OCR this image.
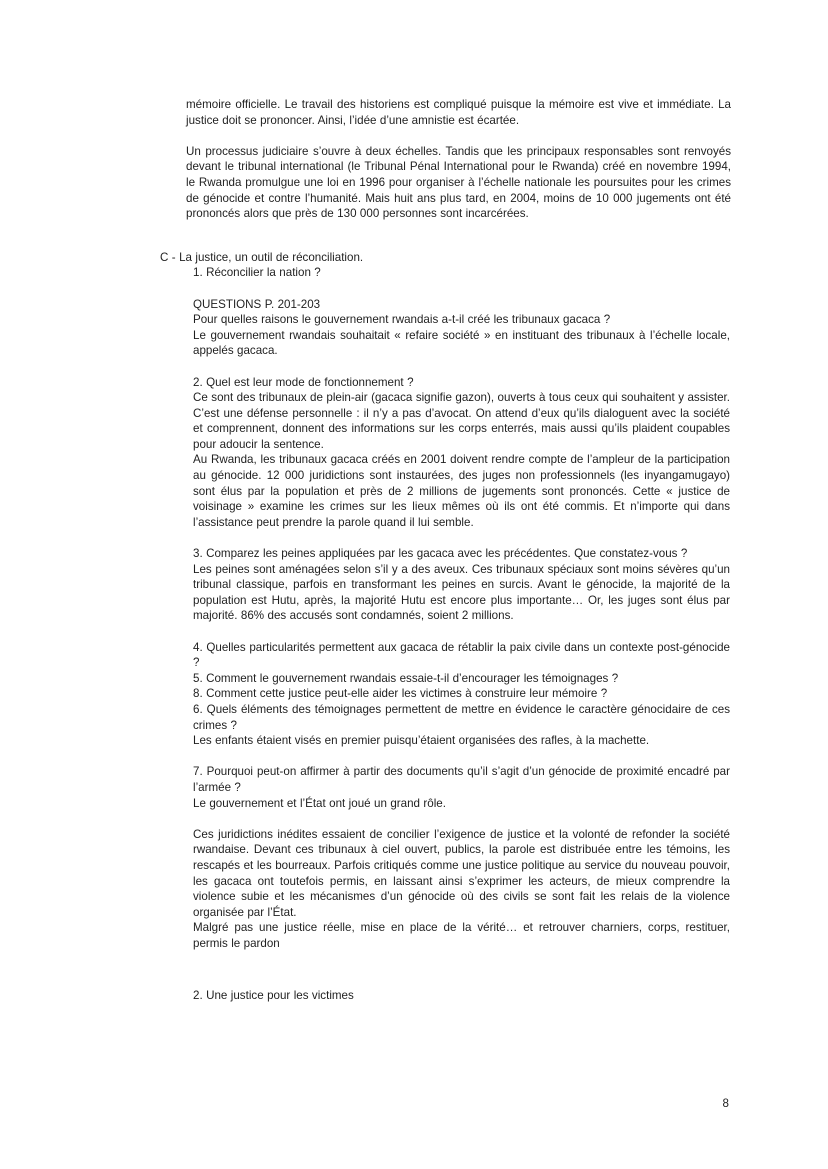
mémoire officielle. Le travail des historiens est compliqué puisque la mémoire est vive et immédiate. La justice doit se prononcer. Ainsi, l’idée d’une amnistie est écartée.

Un processus judiciaire s’ouvre à deux échelles. Tandis que les principaux responsables sont renvoyés devant le tribunal international (le Tribunal Pénal International pour le Rwanda) créé en novembre 1994, le Rwanda promulgue une loi en 1996 pour organiser à l’échelle nationale les poursuites pour les crimes de génocide et contre l’humanité. Mais huit ans plus tard, en 2004, moins de 10 000 jugements ont été prononcés alors que près de 130 000 personnes sont incarcérées.

C - La justice, un outil de réconciliation.

1. Réconcilier la nation ?

QUESTIONS P. 201-203

Pour quelles raisons le gouvernement rwandais a-t-il créé les tribunaux gacaca ?

Le gouvernement rwandais souhaitait « refaire société » en instituant des tribunaux à l’échelle locale, appelés gacaca.

2. Quel est leur mode de fonctionnement ?

Ce sont des tribunaux de plein-air (gacaca signifie gazon), ouverts à tous ceux qui souhaitent y assister. C’est une défense personnelle : il n’y a pas d’avocat. On attend d’eux qu’ils dialoguent avec la société et comprennent, donnent des informations sur les corps enterrés, mais aussi qu’ils plaident coupables pour adoucir la sentence.

Au Rwanda, les tribunaux gacaca créés en 2001 doivent rendre compte de l’ampleur de la participation au génocide. 12 000 juridictions sont instaurées, des juges non professionnels (les inyangamugayo) sont élus par la population et près de 2 millions de jugements sont prononcés. Cette « justice de voisinage » examine les crimes sur les lieux mêmes où ils ont été commis. Et n’importe qui dans l’assistance peut prendre la parole quand il lui semble.

3. Comparez les peines appliquées par les gacaca avec les précédentes. Que constatez-vous ?

Les peines sont aménagées selon s’il y a des aveux. Ces tribunaux spéciaux sont moins sévères qu’un tribunal classique, parfois en transformant les peines en surcis. Avant le génocide, la majorité de la population est Hutu, après, la majorité Hutu est encore plus importante… Or, les juges sont élus par majorité. 86% des accusés sont condamnés, soient 2 millions.

4. Quelles particularités permettent aux gacaca de rétablir la paix civile dans un contexte post-génocide ?

5. Comment le gouvernement rwandais essaie-t-il d’encourager les témoignages ?

8. Comment cette justice peut-elle aider les victimes à construire leur mémoire ?

6. Quels éléments des témoignages permettent de mettre en évidence le caractère génocidaire de ces crimes ?

Les enfants étaient visés en premier puisqu’étaient organisées des rafles, à la machette.

7. Pourquoi peut-on affirmer à partir des documents qu’il s’agit d’un génocide de proximité encadré par l’armée ?

Le gouvernement et l’État ont joué un grand rôle.

Ces juridictions inédites essaient de concilier l’exigence de justice et la volonté de refonder la société rwandaise. Devant ces tribunaux à ciel ouvert, publics, la parole est distribuée entre les témoins, les rescapés et les bourreaux. Parfois critiqués comme une justice politique au service du nouveau pouvoir, les gacaca ont toutefois permis, en laissant ainsi s’exprimer les acteurs, de mieux comprendre la violence subie et les mécanismes d’un génocide où des civils se sont fait les relais de la violence organisée par l’État.

Malgré pas une justice réelle, mise en place de la vérité… et retrouver charniers, corps, restituer, permis le pardon

2. Une justice pour les victimes

8
